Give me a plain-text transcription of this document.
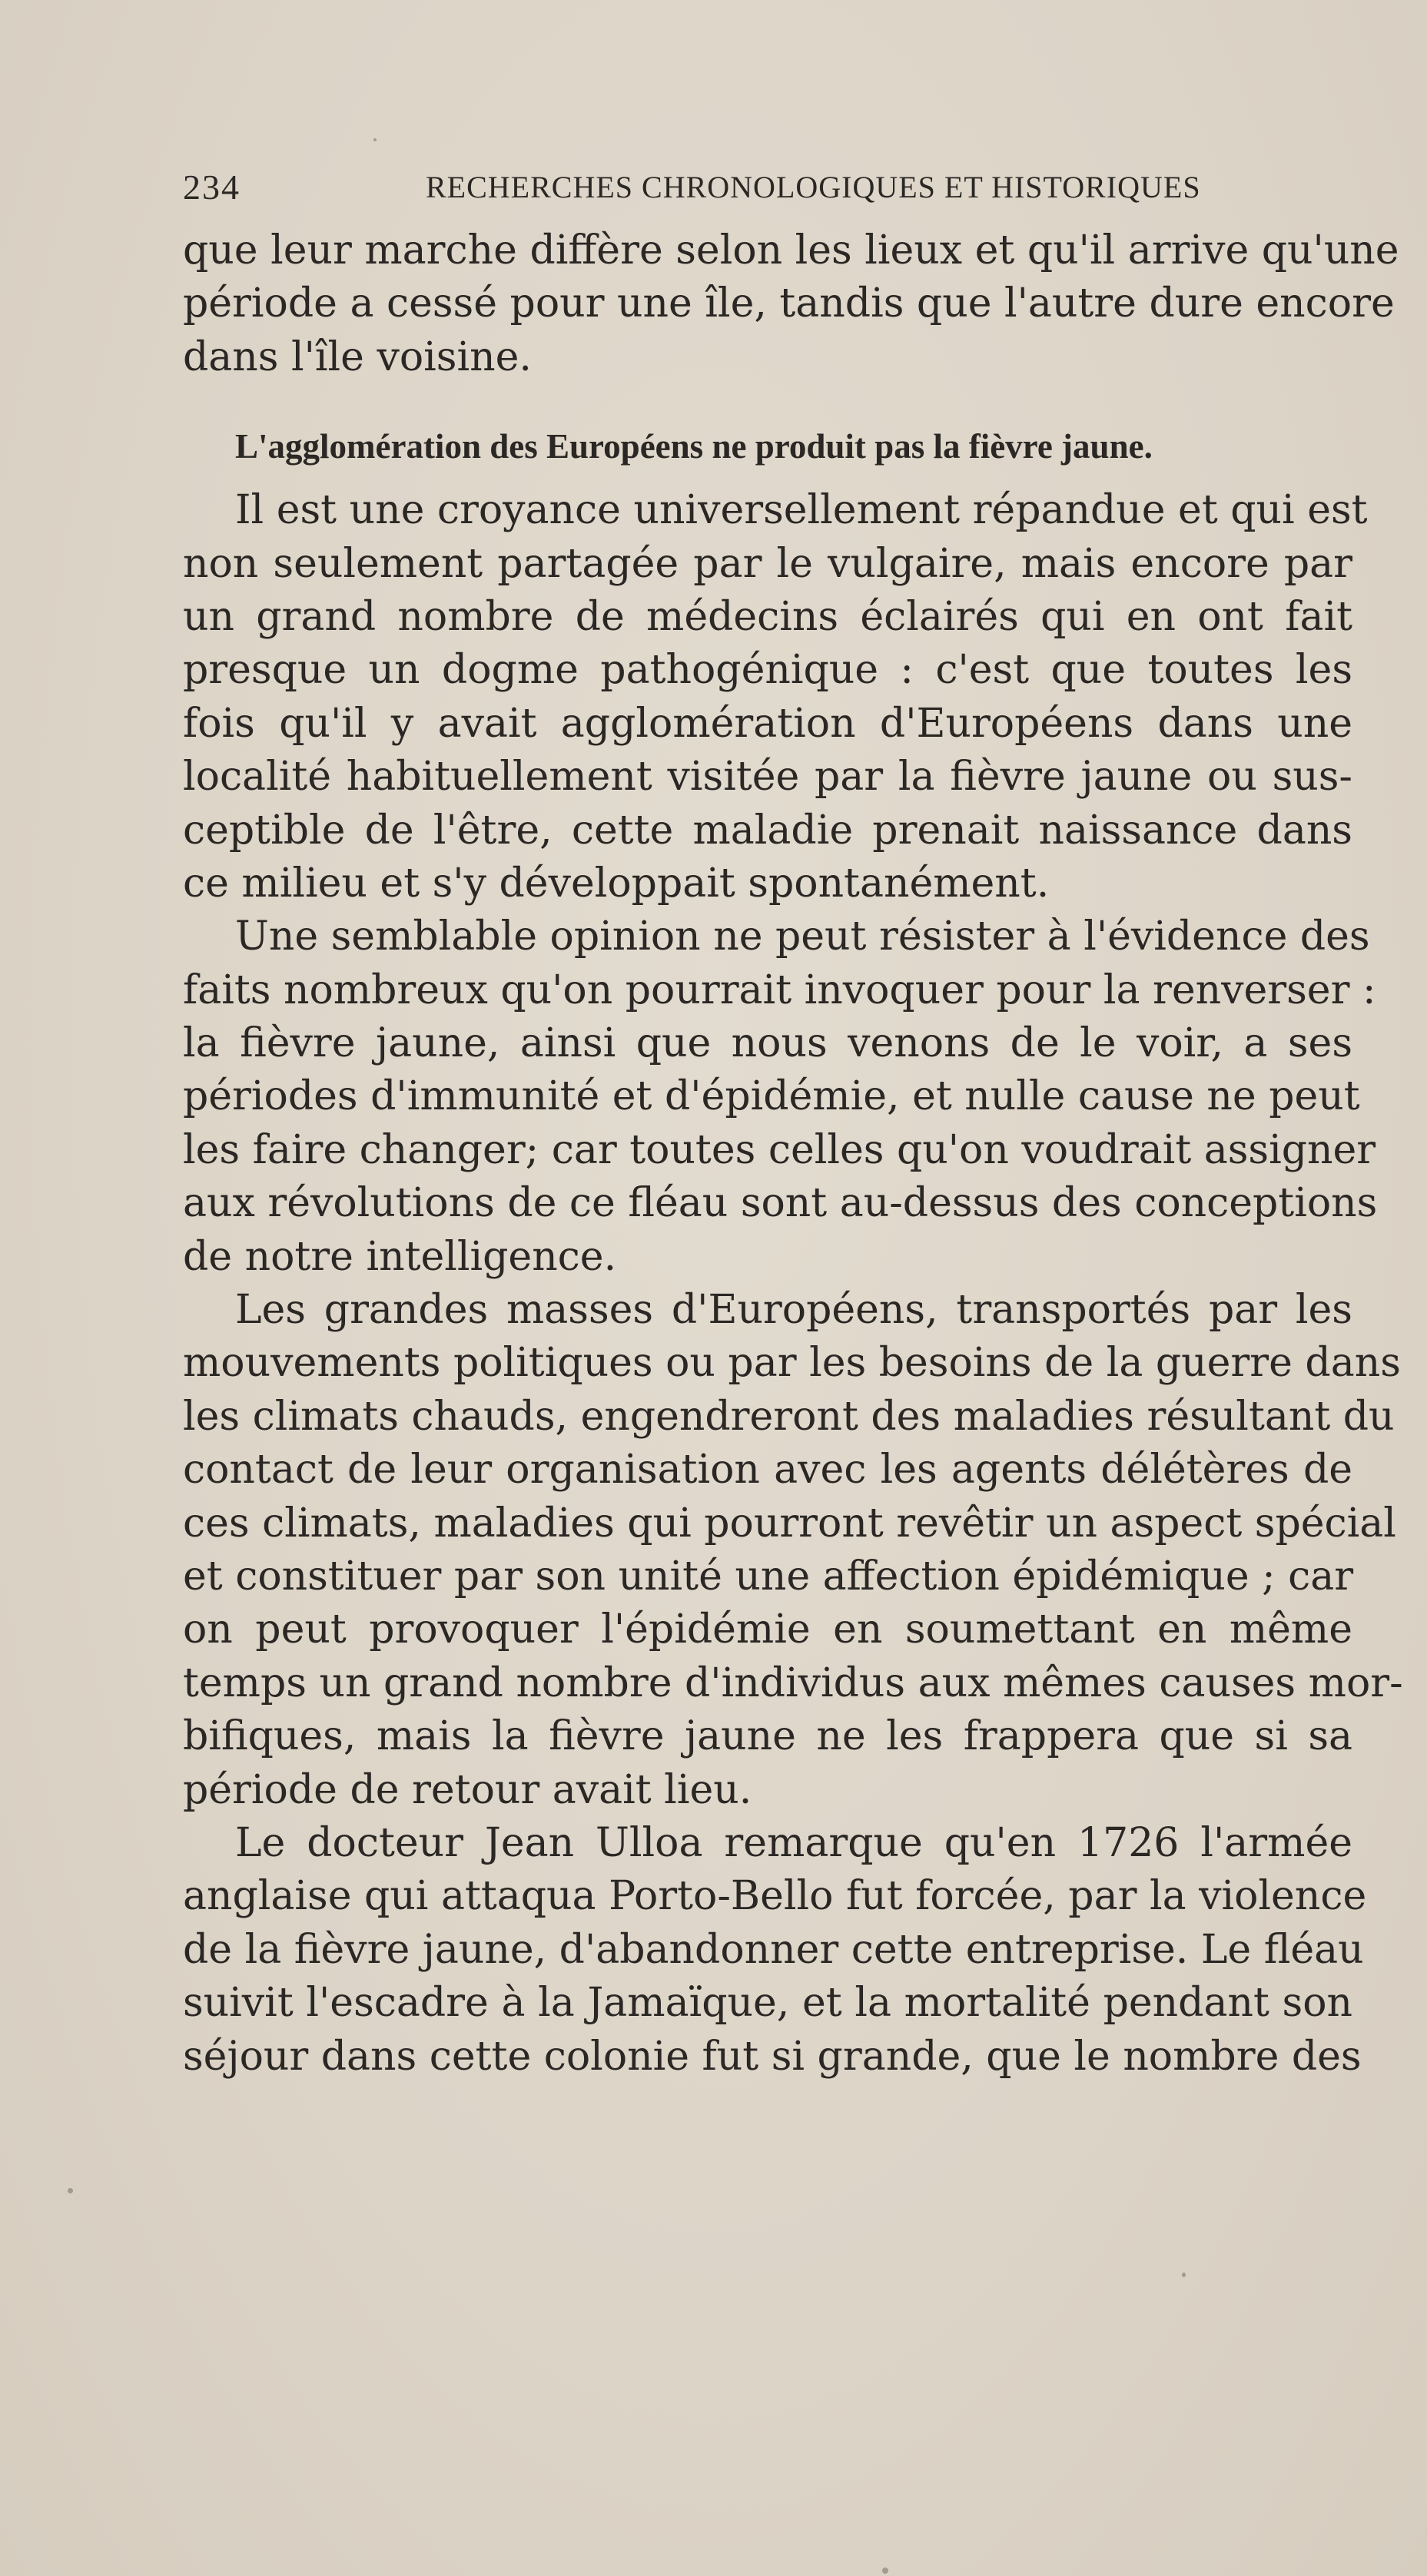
234	RECHERCHES CHRONOLOGIQUES ET HISTORIQUES
que leur marche diffère selon les lieux et qu'il arrive qu'une
période a cessé pour une île, tandis que l'autre dure encore
dans l'île voisine.
L'agglomération des Européens ne produit pas la fièvre jaune.
Il est une croyance universellement répandue et qui est
non seulement partagée par le vulgaire, mais encore par
un grand nombre de médecins éclairés qui en ont fait
presque un dogme pathogénique : c'est que toutes les
fois qu'il y avait agglomération d'Européens dans une
localité habituellement visitée par la fièvre jaune ou sus-
ceptible de l'être, cette maladie prenait naissance dans
ce milieu et s'y développait spontanément.
Une semblable opinion ne peut résister à l'évidence des
faits nombreux qu'on pourrait invoquer pour la renverser :
la fièvre jaune, ainsi que nous venons de le voir, a ses
périodes d'immunité et d'épidémie, et nulle cause ne peut
les faire changer; car toutes celles qu'on voudrait assigner
aux révolutions de ce fléau sont au-dessus des conceptions
de notre intelligence.
Les grandes masses d'Européens, transportés par les
mouvements politiques ou par les besoins de la guerre dans
les climats chauds, engendreront des maladies résultant du
contact de leur organisation avec les agents délétères de
ces climats, maladies qui pourront revêtir un aspect spécial
et constituer par son unité une affection épidémique ; car
on peut provoquer l'épidémie en soumettant en même
temps un grand nombre d'individus aux mêmes causes mor-
bifiques, mais la fièvre jaune ne les frappera que si sa
période de retour avait lieu.
Le docteur Jean Ulloa remarque qu'en 1726 l'armée
anglaise qui attaqua Porto-Bello fut forcée, par la violence
de la fièvre jaune, d'abandonner cette entreprise. Le fléau
suivit l'escadre à la Jamaïque, et la mortalité pendant son
séjour dans cette colonie fut si grande, que le nombre des
